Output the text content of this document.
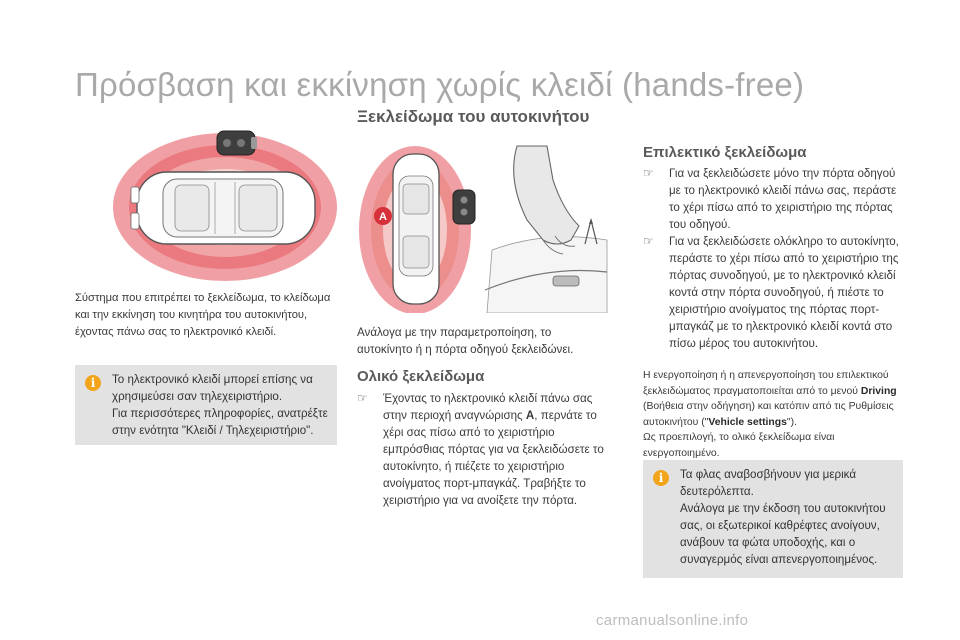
Πρόσβαση και εκκίνηση χωρίς κλειδί (hands-free)
Σύστημα που επιτρέπει το ξεκλείδωμα, το κλείδωμα και την εκκίνηση του κινητήρα του αυτοκινήτου, έχοντας πάνω σας το ηλεκτρονικό κλειδί.
i	Το ηλεκτρονικό κλειδί μπορεί επίσης να χρησιμεύσει σαν τηλεχειριστήριο.
Για περισσότερες πληροφορίες, ανατρέξτε στην ενότητα "Κλειδί / Τηλεχειριστήριο".
Ξεκλείδωμα του αυτοκινήτου
A
Ανάλογα με την παραμετροποίηση, το αυτοκίνητο ή η πόρτα οδηγού ξεκλειδώνει.
Ολικό ξεκλείδωμα
☞ Έχοντας το ηλεκτρονικό κλειδί πάνω σας στην περιοχή αναγνώρισης A, περνάτε το χέρι σας πίσω από το χειριστήριο εμπρόσθιας πόρτας για να ξεκλειδώσετε το αυτοκίνητο, ή πιέζετε το χειριστήριο ανοίγματος πορτ-μπαγκάζ. Τραβήξτε το χειριστήριο για να ανοίξετε την πόρτα.
Επιλεκτικό ξεκλείδωμα
☞ Για να ξεκλειδώσετε μόνο την πόρτα οδηγού με το ηλεκτρονικό κλειδί πάνω σας, περάστε το χέρι πίσω από το χειριστήριο της πόρτας του οδηγού.
☞ Για να ξεκλειδώσετε ολόκληρο το αυτοκίνητο, περάστε το χέρι πίσω από το χειριστήριο της πόρτας συνοδηγού, με το ηλεκτρονικό κλειδί κοντά στην πόρτα συνοδηγού, ή πιέστε το χειριστήριο ανοίγματος της πόρτας πορτ-μπαγκάζ με το ηλεκτρονικό κλειδί κοντά στο πίσω μέρος του αυτοκινήτου.
Η ενεργοποίηση ή η απενεργοποίηση του επιλεκτικού ξεκλειδώματος πραγματοποιείται από το μενού Driving (Βοήθεια στην οδήγηση) και κατόπιν από τις Ρυθμίσεις αυτοκινήτου ("Vehicle settings").
Ως προεπιλογή, το ολικό ξεκλείδωμα είναι ενεργοποιημένο.
i	Τα φλας αναβοσβήνουν για μερικά δευτερόλεπτα.
Ανάλογα με την έκδοση του αυτοκινήτου σας, οι εξωτερικοί καθρέφτες ανοίγουν, ανάβουν τα φώτα υποδοχής, και ο συναγερμός είναι απενεργοποιημένος.
carmanualsonline.info
